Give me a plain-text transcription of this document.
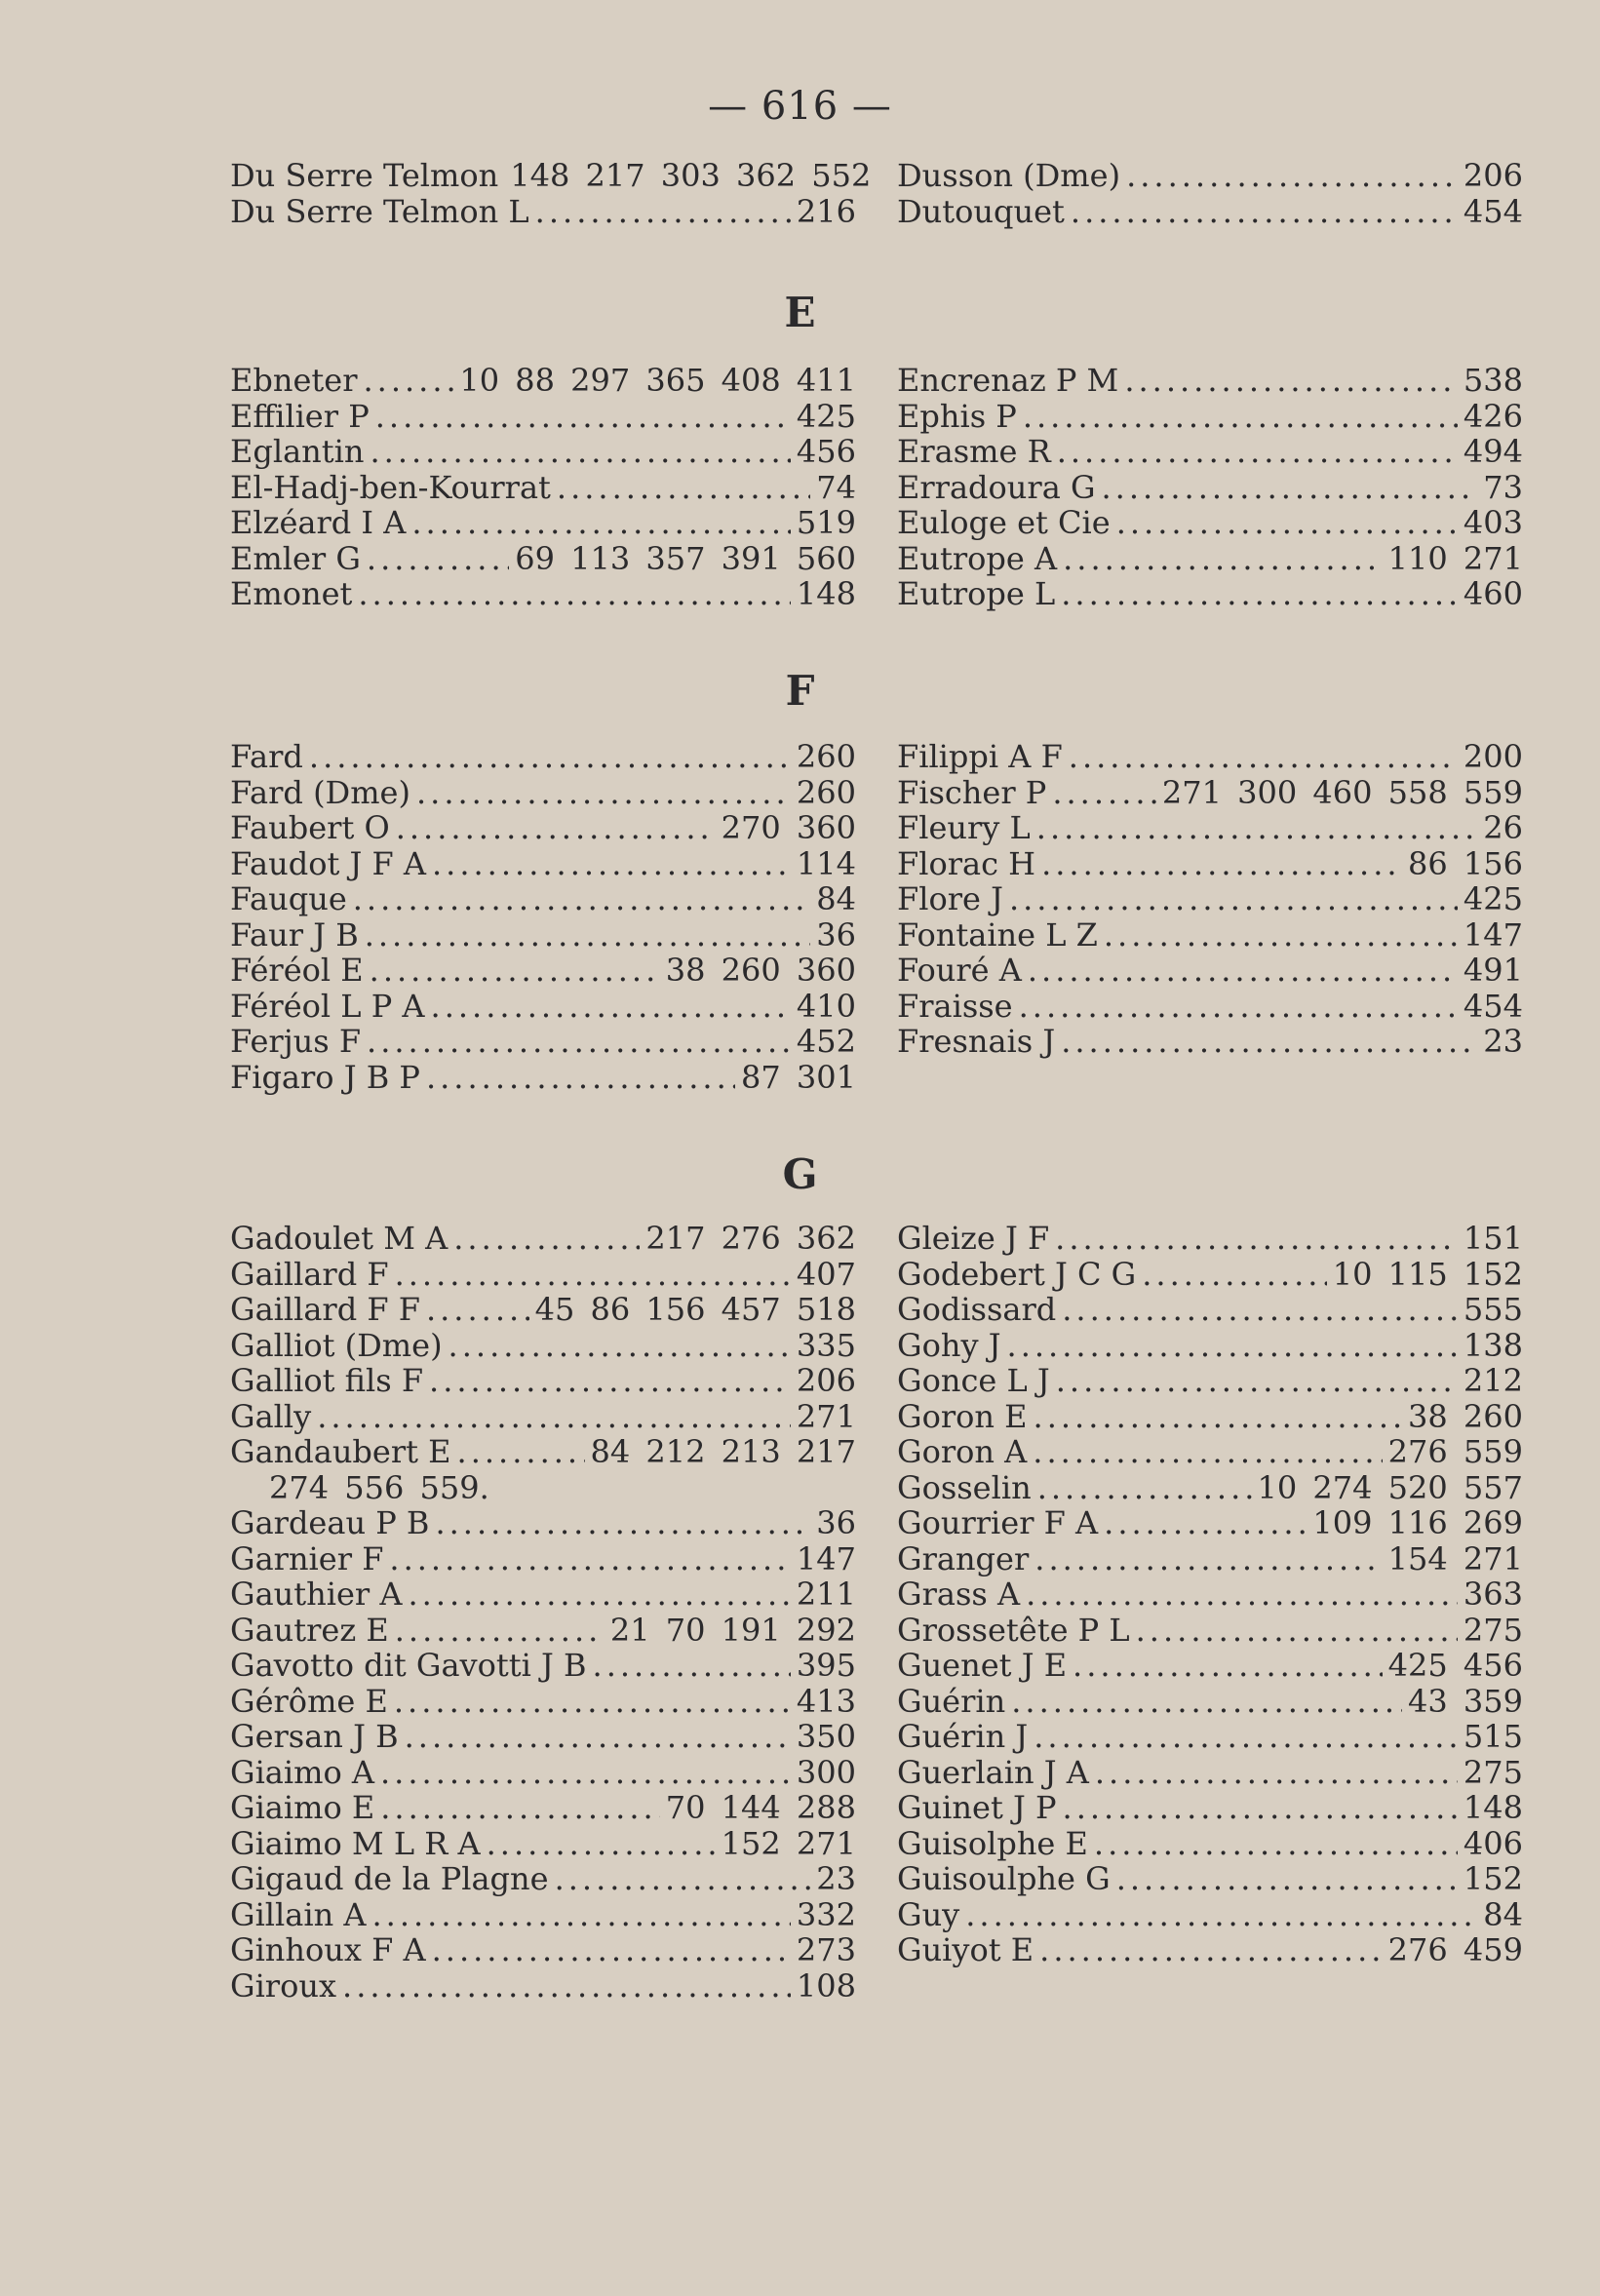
— 616 —
Du Serre Telmon 148 217 303 362 552
Du Serre Telmon L .....	216
Dusson (Dme) .....	206
Dutouquet .....	454
E
Ebneter .....	10 88 297 365 408 411
Effilier P .....	425
Eglantin .....	456
El-Hadj-ben-Kourrat .....	74
Elzéard I A .....	519
Emler G .....	69 113 357 391 560
Emonet .....	148
Encrenaz P M .....	538
Ephis P .....	426
Erasme R .....	494
Erradoura G .....	73
Euloge et Cie .....	403
Eutrope A .....	110 271
Eutrope L .....	460
F
Fard .....	260
Fard (Dme) .....	260
Faubert O .....	270 360
Faudot J F A .....	114
Fauque .....	84
Faur J B .....	36
Féréol E .....	38 260 360
Féréol L P A .....	410
Ferjus F .....	452
Figaro J B P .....	87 301
Filippi A F .....	200
Fischer P .....	271 300 460 558 559
Fleury L .....	26
Florac H .....	86 156
Flore J .....	425
Fontaine L Z .....	147
Fouré A .....	491
Fraisse .....	454
Fresnais J .....	23
G
Gadoulet M A .....	217 276 362
Gaillard F .....	407
Gaillard F F .....	45 86 156 457 518
Galliot (Dme) .....	335
Galliot fils F .....	206
Gally .....	271
Gandaubert E .....	84 212 213 217
274 556 559.
Gardeau P B .....	36
Garnier F .....	147
Gauthier A .....	211
Gautrez E .....	21 70 191 292
Gavotto dit Gavotti J B .....	395
Gérôme E .....	413
Gersan J B .....	350
Giaimo A .....	300
Giaimo E .....	70 144 288
Giaimo M L R A .....	152 271
Gigaud de la Plagne .....	23
Gillain A .....	332
Ginhoux F A .....	273
Giroux .....	108
Gleize J F .....	151
Godebert J C G .....	10 115 152
Godissard .....	555
Gohy J .....	138
Gonce L J .....	212
Goron E .....	38 260
Goron A .....	276 559
Gosselin .....	10 274 520 557
Gourrier F A .....	109 116 269
Granger .....	154 271
Grass A .....	363
Grossetête P L .....	275
Guenet J E .....	425 456
Guérin .....	43 359
Guérin J .....	515
Guerlain J A .....	275
Guinet J P .....	148
Guisolphe E .....	406
Guisoulphe G .....	152
Guy .....	84
Guiyot E .....	276 459
